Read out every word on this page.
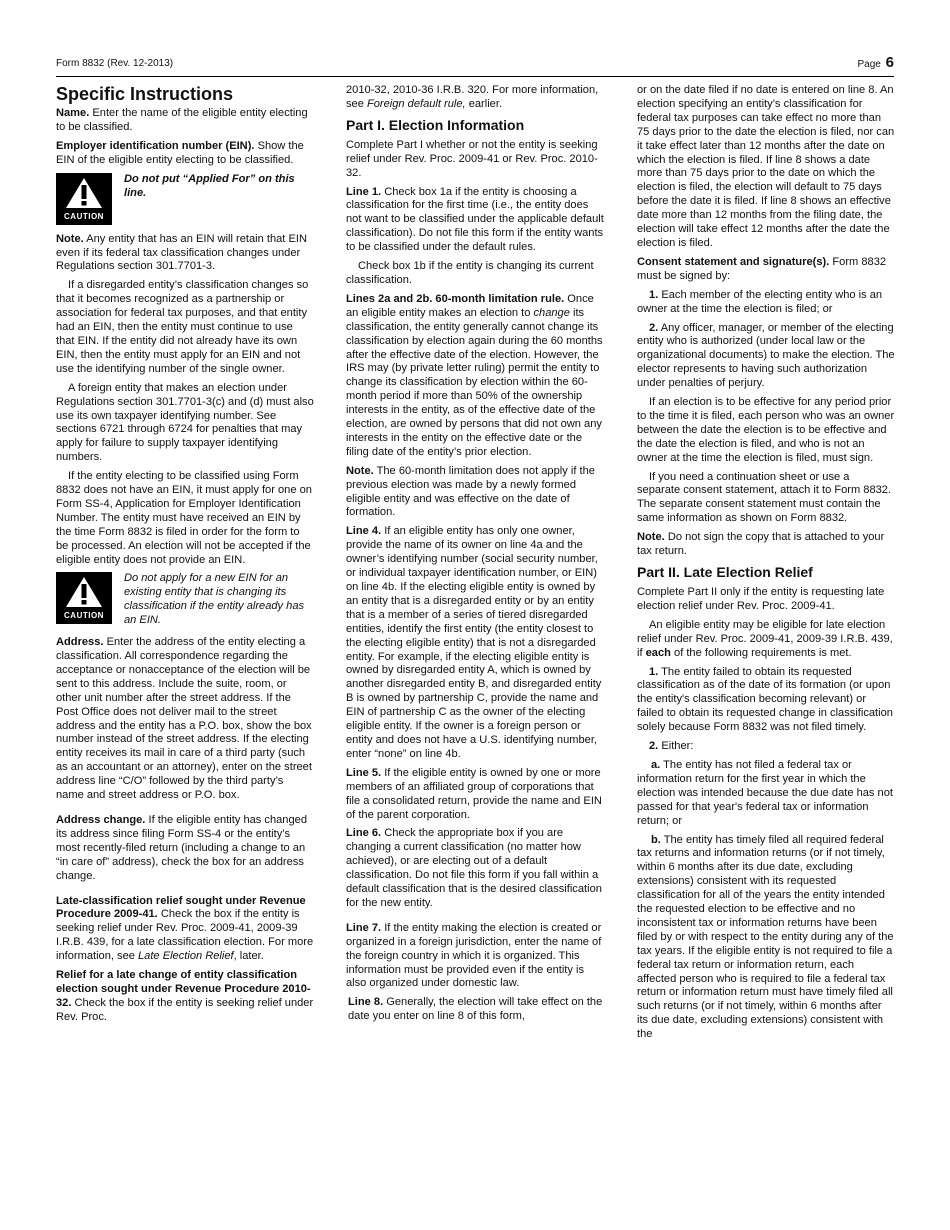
Form 8832 (Rev. 12-2013)	Page 6
Specific Instructions

Name. Enter the name of the eligible entity electing to be classified.

Employer identification number (EIN). Show the EIN of the eligible entity electing to be classified.

CAUTION
Do not put “Applied For” on this line.

Note. Any entity that has an EIN will retain that EIN even if its federal tax classification changes under Regulations section 301.7701-3.

If a disregarded entity’s classification changes so that it becomes recognized as a partnership or association for federal tax purposes, and that entity had an EIN, then the entity must continue to use that EIN. If the entity did not already have its own EIN, then the entity must apply for an EIN and not use the identifying number of the single owner.

A foreign entity that makes an election under Regulations section 301.7701-3(c) and (d) must also use its own taxpayer identifying number. See sections 6721 through 6724 for penalties that may apply for failure to supply taxpayer identifying numbers.

If the entity electing to be classified using Form 8832 does not have an EIN, it must apply for one on Form SS-4, Application for Employer Identification Number. The entity must have received an EIN by the time Form 8832 is filed in order for the form to be processed. An election will not be accepted if the eligible entity does not provide an EIN.

CAUTION
Do not apply for a new EIN for an existing entity that is changing its classification if the entity already has an EIN.

Address. Enter the address of the entity electing a classification. All correspondence regarding the acceptance or nonacceptance of the election will be sent to this address. Include the suite, room, or other unit number after the street address. If the Post Office does not deliver mail to the street address and the entity has a P.O. box, show the box number instead of the street address. If the electing entity receives its mail in care of a third party (such as an accountant or an attorney), enter on the street address line “C/O” followed by the third party’s name and street address or P.O. box.

Address change. If the eligible entity has changed its address since filing Form SS-4 or the entity’s most recently-filed return (including a change to an “in care of” address), check the box for an address change.

Late-classification relief sought under Revenue Procedure 2009-41. Check the box if the entity is seeking relief under Rev. Proc. 2009-41, 2009-39 I.R.B. 439, for a late classification election. For more information, see Late Election Relief, later.

Relief for a late change of entity classification election sought under Revenue Procedure 2010-32. Check the box if the entity is seeking relief under Rev. Proc.

2010-32, 2010-36 I.R.B. 320. For more information, see Foreign default rule, earlier.

Part I. Election Information

Complete Part I whether or not the entity is seeking relief under Rev. Proc. 2009-41 or Rev. Proc. 2010-32.

Line 1. Check box 1a if the entity is choosing a classification for the first time (i.e., the entity does not want to be classified under the applicable default classification). Do not file this form if the entity wants to be classified under the default rules.

Check box 1b if the entity is changing its current classification.

Lines 2a and 2b. 60-month limitation rule. Once an eligible entity makes an election to change its classification, the entity generally cannot change its classification by election again during the 60 months after the effective date of the election. However, the IRS may (by private letter ruling) permit the entity to change its classification by election within the 60-month period if more than 50% of the ownership interests in the entity, as of the effective date of the election, are owned by persons that did not own any interests in the entity on the effective date or the filing date of the entity’s prior election.

Note. The 60-month limitation does not apply if the previous election was made by a newly formed eligible entity and was effective on the date of formation.

Line 4. If an eligible entity has only one owner, provide the name of its owner on line 4a and the owner’s identifying number (social security number, or individual taxpayer identification number, or EIN) on line 4b. If the electing eligible entity is owned by an entity that is a disregarded entity or by an entity that is a member of a series of tiered disregarded entities, identify the first entity (the entity closest to the electing eligible entity) that is not a disregarded entity. For example, if the electing eligible entity is owned by disregarded entity A, which is owned by another disregarded entity B, and disregarded entity B is owned by partnership C, provide the name and EIN of partnership C as the owner of the electing eligible entity. If the owner is a foreign person or entity and does not have a U.S. identifying number, enter “none” on line 4b.

Line 5. If the eligible entity is owned by one or more members of an affiliated group of corporations that file a consolidated return, provide the name and EIN of the parent corporation.

Line 6. Check the appropriate box if you are changing a current classification (no matter how achieved), or are electing out of a default classification. Do not file this form if you fall within a default classification that is the desired classification for the new entity.

Line 7. If the entity making the election is created or organized in a foreign jurisdiction, enter the name of the foreign country in which it is organized. This information must be provided even if the entity is also organized under domestic law.

Line 8. Generally, the election will take effect on the date you enter on line 8 of this form,

or on the date filed if no date is entered on line 8. An election specifying an entity’s classification for federal tax purposes can take effect no more than 75 days prior to the date the election is filed, nor can it take effect later than 12 months after the date on which the election is filed. If line 8 shows a date more than 75 days prior to the date on which the election is filed, the election will default to 75 days before the date it is filed. If line 8 shows an effective date more than 12 months from the filing date, the election will take effect 12 months after the date the election is filed.

Consent statement and signature(s). Form 8832 must be signed by:

1. Each member of the electing entity who is an owner at the time the election is filed; or

2. Any officer, manager, or member of the electing entity who is authorized (under local law or the organizational documents) to make the election. The elector represents to having such authorization under penalties of perjury.

If an election is to be effective for any period prior to the time it is filed, each person who was an owner between the date the election is to be effective and the date the election is filed, and who is not an owner at the time the election is filed, must sign.

If you need a continuation sheet or use a separate consent statement, attach it to Form 8832. The separate consent statement must contain the same information as shown on Form 8832.

Note. Do not sign the copy that is attached to your tax return.

Part II. Late Election Relief

Complete Part II only if the entity is requesting late election relief under Rev. Proc. 2009-41.

An eligible entity may be eligible for late election relief under Rev. Proc. 2009-41, 2009-39 I.R.B. 439, if each of the following requirements is met.

1. The entity failed to obtain its requested classification as of the date of its formation (or upon the entity's classification becoming relevant) or failed to obtain its requested change in classification solely because Form 8832 was not filed timely.

2. Either:

a. The entity has not filed a federal tax or information return for the first year in which the election was intended because the due date has not passed for that year's federal tax or information return; or

b. The entity has timely filed all required federal tax returns and information returns (or if not timely, within 6 months after its due date, excluding extensions) consistent with its requested classification for all of the years the entity intended the requested election to be effective and no inconsistent tax or information returns have been filed by or with respect to the entity during any of the tax years. If the eligible entity is not required to file a federal tax return or information return, each affected person who is required to file a federal tax return or information return must have timely filed all such returns (or if not timely, within 6 months after its due date, excluding extensions) consistent with the
